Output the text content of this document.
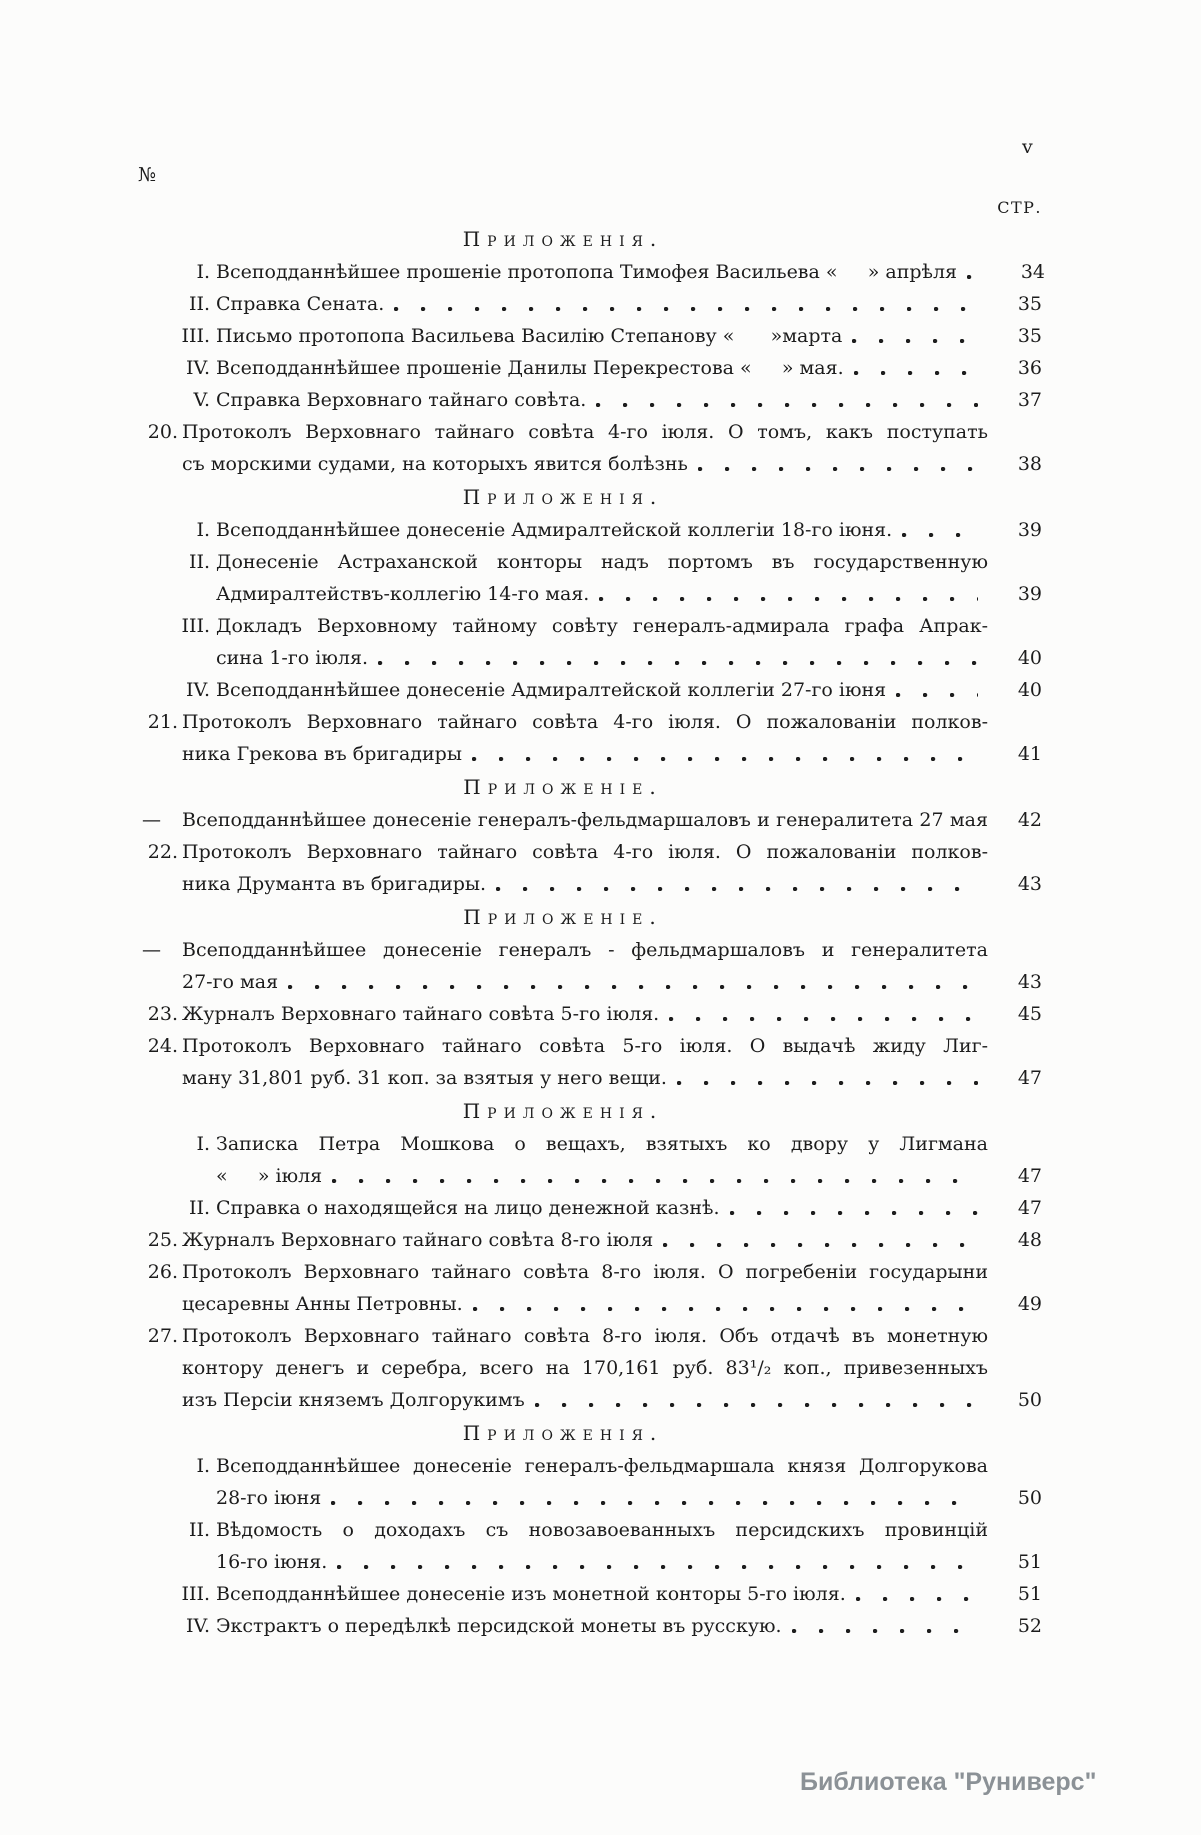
v
№
СТР.
Приложенія.
I. Всеподданнѣйшее прошеніе протопопа Тимофея Васильева «     » апрѣля	34
II. Справка Сената.	35
III. Письмо протопопа Васильева Василію Степанову «      »марта	35
IV. Всеподданнѣйшее прошеніе Данилы Перекрестова «     » мая.	36
V. Справка Верховнаго тайнаго совѣта.	37
20. Протоколъ Верховнаго тайнаго совѣта 4-го іюля. О томъ, какъ поступать
съ морскими судами, на которыхъ явится болѣзнь	38
Приложенія.
I. Всеподданнѣйшее донесеніе Адмиралтейской коллегіи 18-го іюня.	39
II. Донесеніе Астраханской конторы надъ портомъ въ государственную
Адмиралтействъ-коллегію 14-го мая.	39
III. Докладъ Верховному тайному совѣту генералъ-адмирала графа Апрак-
сина 1-го іюля.	40
IV. Всеподданнѣйшее донесеніе Адмиралтейской коллегіи 27-го іюня	40
21. Протоколъ Верховнаго тайнаго совѣта 4-го іюля. О пожалованіи полков-
ника Грекова въ бригадиры	41
Приложеніе.
—	Всеподданнѣйшее донесеніе генералъ-фельдмаршаловъ и генералитета 27 мая	42
22. Протоколъ Верховнаго тайнаго совѣта 4-го іюля. О пожалованіи полков-
ника Друманта въ бригадиры.	43
Приложеніе.
—	Всеподданнѣйшее донесеніе генералъ - фельдмаршаловъ и генералитета
27-го мая	43
23. Журналъ Верховнаго тайнаго совѣта 5-го іюля.	45
24. Протоколъ Верховнаго тайнаго совѣта 5-го іюля. О выдачѣ жиду Лиг-
ману 31,801 руб. 31 коп. за взятыя у него вещи.	47
Приложенія.
I. Записка Петра Мошкова о вещахъ, взятыхъ ко двору у Лигмана
«     » іюля	47
II. Справка о находящейся на лицо денежной казнѣ.	47
25. Журналъ Верховнаго тайнаго совѣта 8-го іюля	48
26. Протоколъ Верховнаго тайнаго совѣта 8-го іюля. О погребеніи государыни
цесаревны Анны Петровны.	49
27. Протоколъ Верховнаго тайнаго совѣта 8-го іюля. Объ отдачѣ въ монетную
контору денегъ и серебра, всего на 170,161 руб. 83¹/₂ коп., привезенныхъ
изъ Персіи княземъ Долгорукимъ	50
Приложенія.
I. Всеподданнѣйшее донесеніе генералъ-фельдмаршала князя Долгорукова
28-го іюня	50
II. Вѣдомость о доходахъ съ новозавоеванныхъ персидскихъ провинцій
16-го іюня.	51
III. Всеподданнѣйшее донесеніе изъ монетной конторы 5-го іюля.	51
IV. Экстрактъ о передѣлкѣ персидской монеты въ русскую.	52
Библиотека "Руниверс"
